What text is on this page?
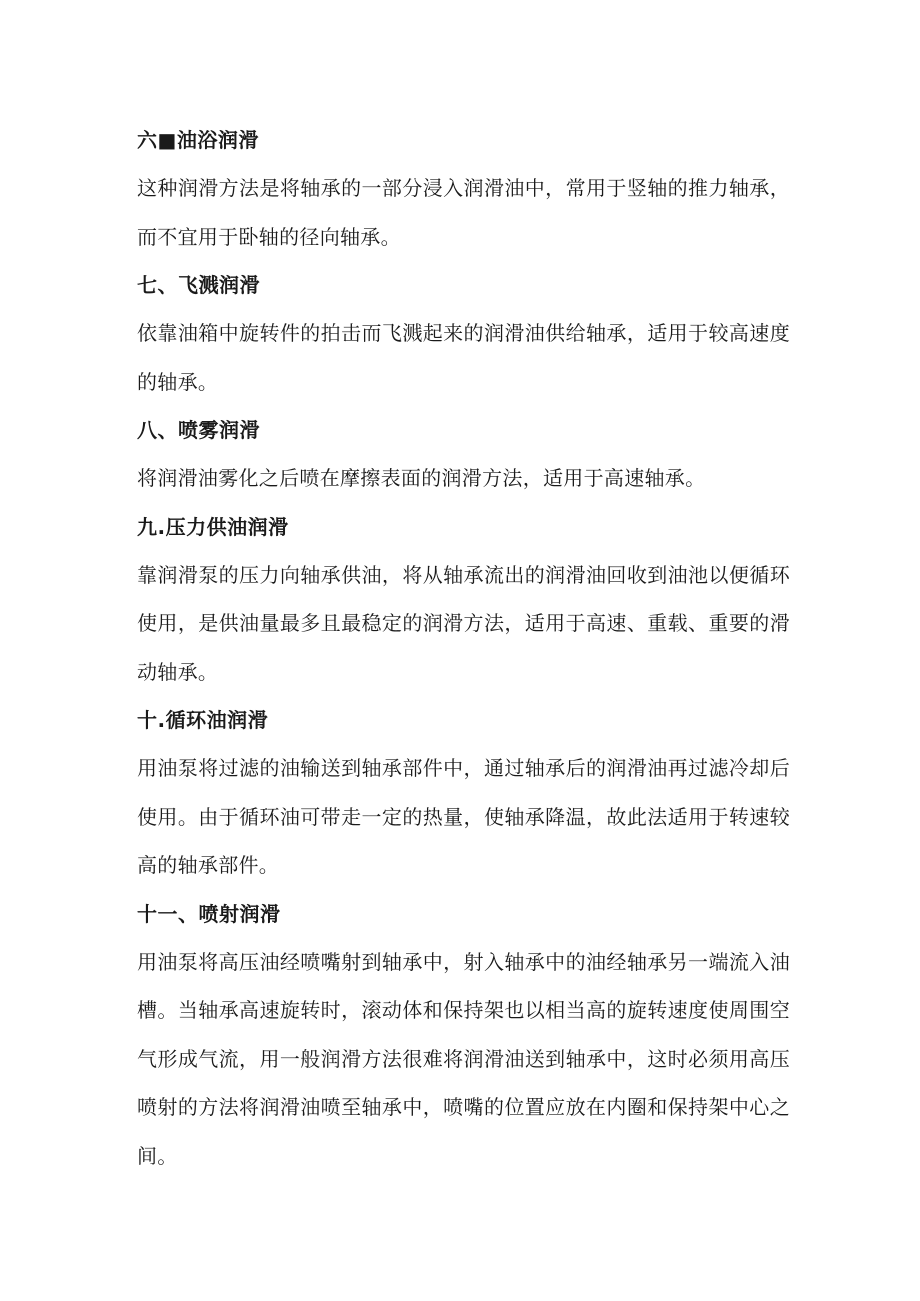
六■油浴润滑

这种润滑方法是将轴承的一部分浸入润滑油中，常用于竖轴的推力轴承，而不宜用于卧轴的径向轴承。

七、飞溅润滑

依靠油箱中旋转件的拍击而飞溅起来的润滑油供给轴承，适用于较高速度的轴承。

八、喷雾润滑

将润滑油雾化之后喷在摩擦表面的润滑方法，适用于高速轴承。

九.压力供油润滑

靠润滑泵的压力向轴承供油，将从轴承流出的润滑油回收到油池以便循环使用，是供油量最多且最稳定的润滑方法，适用于高速、重载、重要的滑动轴承。

十.循环油润滑

用油泵将过滤的油输送到轴承部件中，通过轴承后的润滑油再过滤冷却后使用。由于循环油可带走一定的热量，使轴承降温，故此法适用于转速较高的轴承部件。

十一、喷射润滑

用油泵将高压油经喷嘴射到轴承中，射入轴承中的油经轴承另一端流入油槽。当轴承高速旋转时，滚动体和保持架也以相当高的旋转速度使周围空气形成气流，用一般润滑方法很难将润滑油送到轴承中，这时必须用高压喷射的方法将润滑油喷至轴承中，喷嘴的位置应放在内圈和保持架中心之间。
